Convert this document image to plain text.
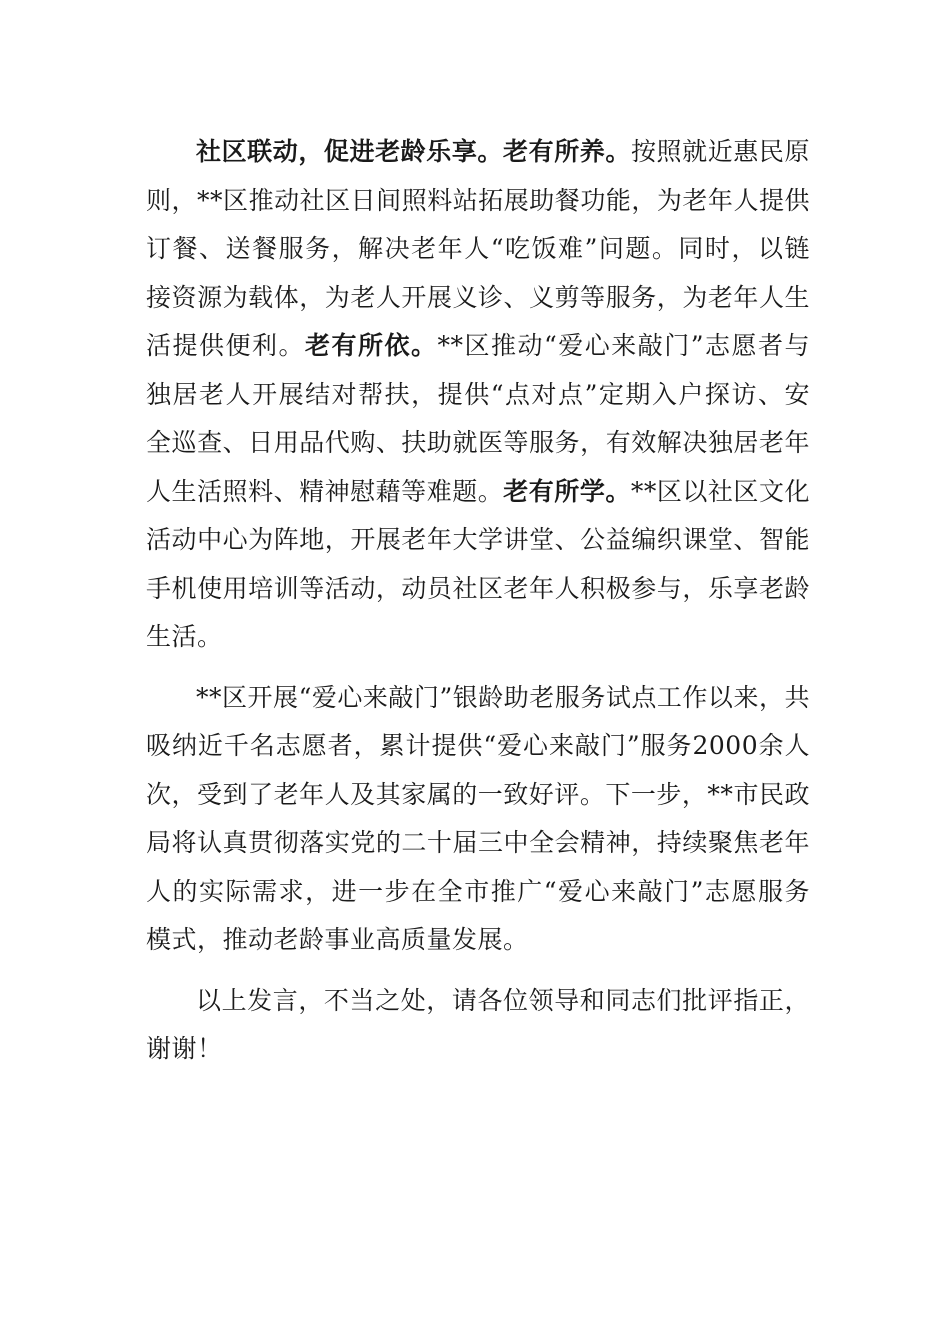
社区联动，促进老龄乐享。老有所养。按照就近惠民原则，**区推动社区日间照料站拓展助餐功能，为老年人提供订餐、送餐服务，解决老年人“吃饭难”问题。同时，以链接资源为载体，为老人开展义诊、义剪等服务，为老年人生活提供便利。老有所依。**区推动“爱心来敲门”志愿者与独居老人开展结对帮扶，提供“点对点”定期入户探访、安全巡查、日用品代购、扶助就医等服务，有效解决独居老年人生活照料、精神慰藉等难题。老有所学。**区以社区文化活动中心为阵地，开展老年大学讲堂、公益编织课堂、智能手机使用培训等活动，动员社区老年人积极参与，乐享老龄生活。

**区开展“爱心来敲门”银龄助老服务试点工作以来，共吸纳近千名志愿者，累计提供“爱心来敲门”服务2000余人次，受到了老年人及其家属的一致好评。下一步，**市民政局将认真贯彻落实党的二十届三中全会精神，持续聚焦老年人的实际需求，进一步在全市推广“爱心来敲门”志愿服务模式，推动老龄事业高质量发展。

以上发言，不当之处，请各位领导和同志们批评指正，谢谢！
